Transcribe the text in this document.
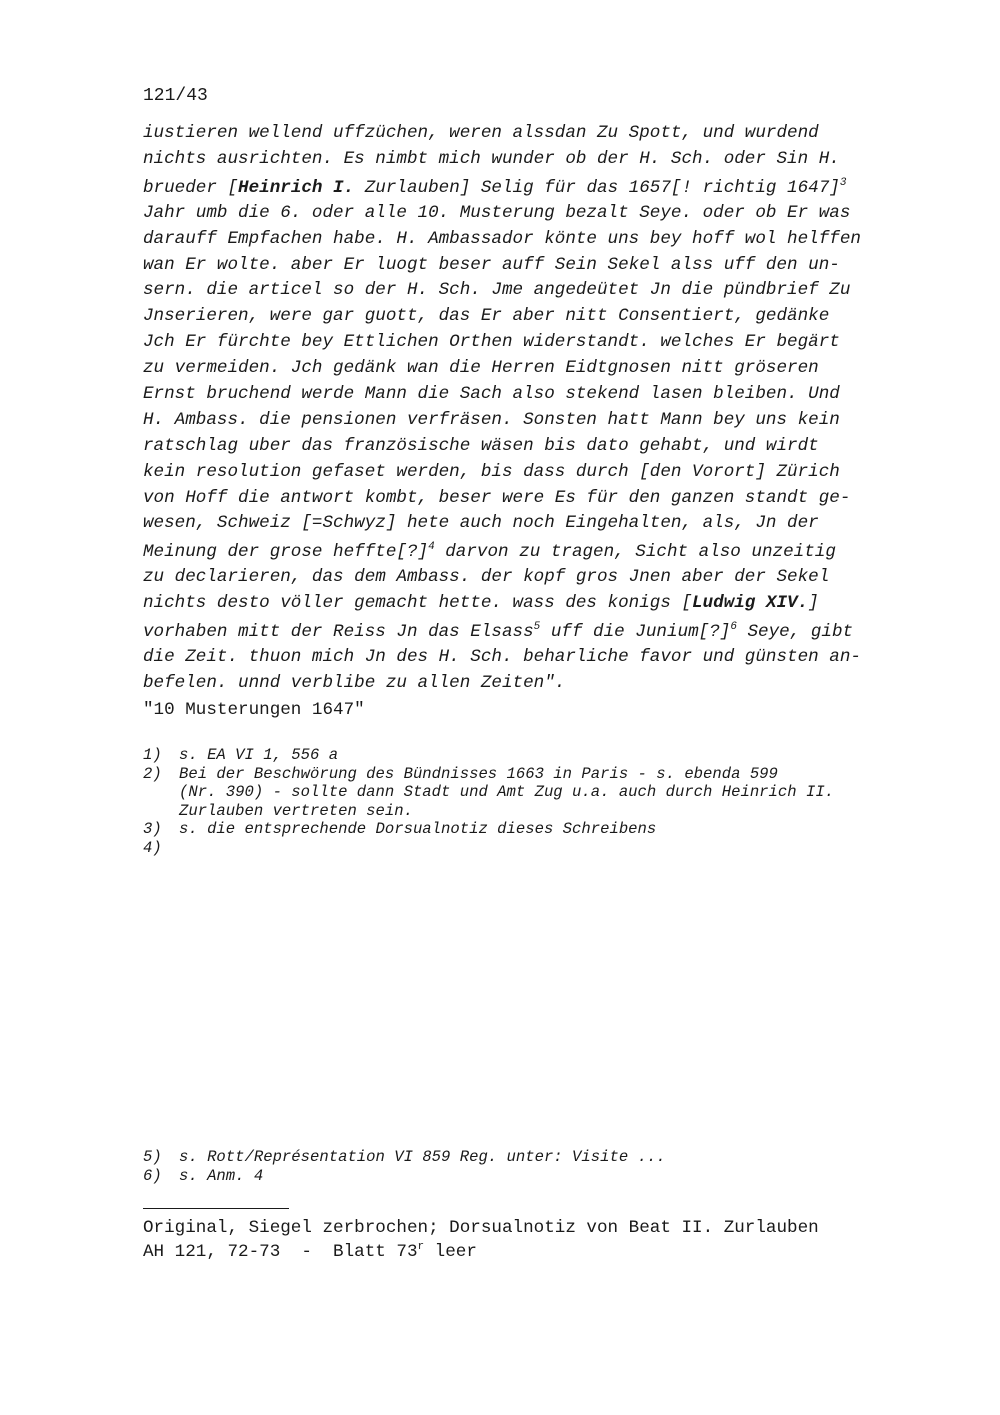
121/43
iustieren wellend uffzüchen, weren alssdan Zu Spott, und wurdend
nichts ausrichten. Es nimbt mich wunder ob der H. Sch. oder Sin H.
brueder [Heinrich I. Zurlauben] Selig für das 1657[! richtig 1647]$^3$
Jahr umb die 6. oder alle 10. Musterung bezalt Seye. oder ob Er was
darauff Empfachen habe. H. Ambassador könte uns bey hoff wol helffen
wan Er wolte. aber Er luogt beser auff Sein Sekel alss uff den un-
sern. die articel so der H. Sch. Jme angedeütet Jn die pündbrief Zu
Jnserieren, were gar guott, das Er aber nitt Consentiert, gedänke
Jch Er fürchte bey Ettlichen Orthen widerstandt. welches Er begärt
zu vermeiden. Jch gedänk wan die Herren Eidtgnosen nitt gröseren
Ernst bruchend werde Mann die Sach also stekend lasen bleiben. Und
H. Ambass. die pensionen verfräsen. Sonsten hatt Mann bey uns kein
ratschlag uber das französische wäsen bis dato gehabt, und wirdt
kein resolution gefaset werden, bis dass durch [den Vorort] Zürich
von Hoff die antwort kombt, beser were Es für den ganzen standt ge-
wesen, Schweiz [=Schwyz] hete auch noch Eingehalten, als, Jn der
Meinung der grose heffte[?]$^4$ darvon zu tragen, Sicht also unzeitig
zu declarieren, das dem Ambass. der kopf gros Jnen aber der Sekel
nichts desto völler gemacht hette. wass des konigs [Ludwig XIV.]
vorhaben mitt der Reiss Jn das Elsass$^5$ uff die Junium[?]$^6$ Seye, gibt
die Zeit. thuon mich Jn des H. Sch. beharliche favor und günsten an-
befelen. unnd verblibe zu allen Zeiten".
"10 Musterungen 1647"
1) s. EA VI 1, 556 a
2) Bei der Beschwörung des Bündnisses 1663 in Paris - s. ebenda 599
(Nr. 390) - sollte dann Stadt und Amt Zug u.a. auch durch Heinrich II.
Zurlauben vertreten sein.
3) s. die entsprechende Dorsualnotiz dieses Schreibens
4)
5) s. Rott/Représentation VI 859 Reg. unter: Visite ...
6) s. Anm. 4
Original, Siegel zerbrochen; Dorsualnotiz von Beat II. Zurlauben
AH 121, 72-73  -  Blatt 73$^r$ leer
